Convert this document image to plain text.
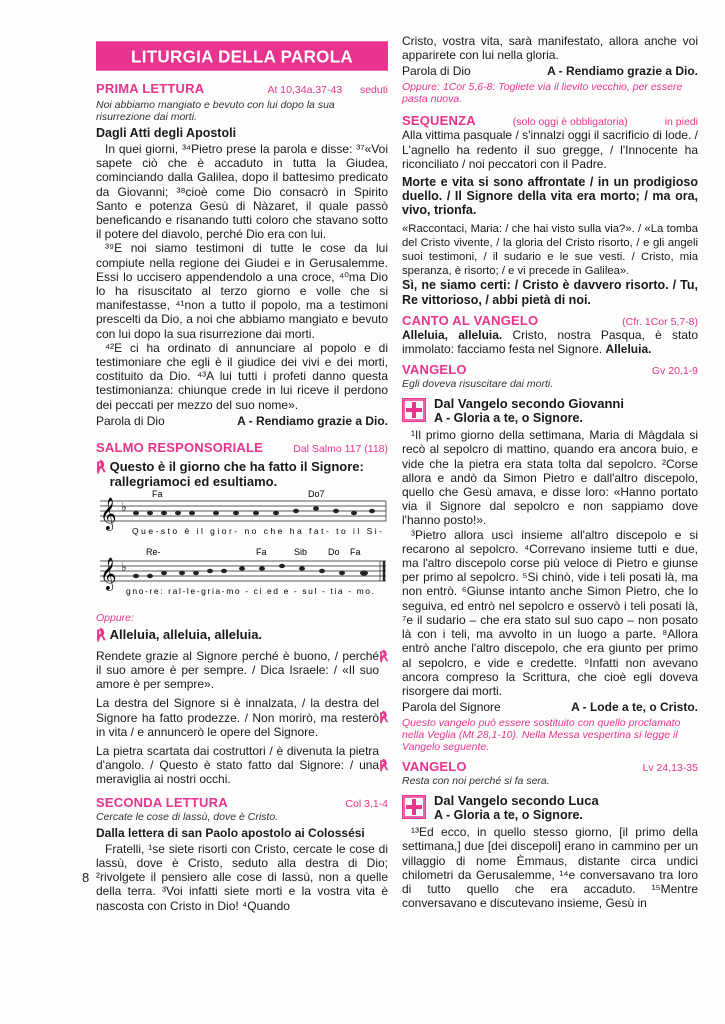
LITURGIA DELLA PAROLA
PRIMA LETTURA	At 10,34a.37-43 seduti
Noi abbiamo mangiato e bevuto con lui dopo la sua risurrezione dai morti.
Dagli Atti degli Apostoli

In quei giorni, ³⁴Pietro prese la parola e disse: ³⁷«Voi sapete ciò che è accaduto in tutta la Giudea, cominciando dalla Galilea, dopo il battesimo predicato da Giovanni; ³⁸cioè come Dio consacrò in Spirito Santo e potenza Gesù di Nàzaret, il quale passò beneficando e risanando tutti coloro che stavano sotto il potere del diavolo, perché Dio era con lui.

³⁹E noi siamo testimoni di tutte le cose da lui compiute nella regione dei Giudei e in Gerusalemme. Essi lo uccisero appendendolo a una croce, ⁴⁰ma Dio lo ha risuscitato al terzo giorno e volle che si manifestasse, ⁴¹non a tutto il popolo, ma a testimoni prescelti da Dio, a noi che abbiamo mangiato e bevuto con lui dopo la sua risurrezione dai morti.

⁴²E ci ha ordinato di annunciare al popolo e di testimoniare che egli è il giudice dei vivi e dei morti, costituito da Dio. ⁴³A lui tutti i profeti danno questa testimonianza: chiunque crede in lui riceve il perdono dei peccati per mezzo del suo nome».

Parola di Dio	A - Rendiamo grazie a Dio.
SALMO RESPONSORIALE	Dal Salmo 117 (118)
℟ Questo è il giorno che ha fatto il Signore: rallegriamoci ed esultiamo.
𝄞 ♭
Fa	Do7
Que-sto è il gior- no che ha fat- to il Si-
𝄞 ♭
Re-	Fa	Sib Do Fa
gno-re: ral-le-gria-mo - ci ed e - sul - tia - mo.
Oppure:
℟ Alleluia, alleluia, alleluia.
℟

Rendete grazie al Signore perché è buono, / perché il suo amore è per sempre. / Dica Israele: / «Il suo amore è per sempre».

℟

La destra del Signore si è innalzata, / la destra del Signore ha fatto prodezze. / Non morirò, ma resterò in vita / e annuncerò le opere del Signore.

℟

La pietra scartata dai costruttori / è divenuta la pietra d'angolo. / Questo è stato fatto dal Signore: / una meraviglia ai nostri occhi.

SECONDA LETTURA	Col 3,1-4
Cercate le cose di lassù, dove è Cristo.
Dalla lettera di san Paolo apostolo ai Colossési

Fratelli, ¹se siete risorti con Cristo, cercate le cose di lassù, dove è Cristo, seduto alla destra di Dio; ²rivolgete il pensiero alle cose di lassù, non a quelle della terra. ³Voi infatti siete morti e la vostra vita è nascosta con Cristo in Dio! ⁴Quando

8

Cristo, vostra vita, sarà manifestato, allora anche voi apparirete con lui nella gloria.

Parola di Dio	A - Rendiamo grazie a Dio.
Oppure: 1Cor 5,6-8: Togliete via il lievito vecchio, per essere pasta nuova.
SEQUENZA	(solo oggi è obbligatoria)	in piedi

Alla vittima pasquale / s'innalzi oggi il sacrificio di lode. / L'agnello ha redento il suo gregge, / l'Innocente ha riconciliato / noi peccatori con il Padre.

Morte e vita si sono affrontate / in un prodigioso duello. / Il Signore della vita era morto; / ma ora, vivo, trionfa.

«Raccontaci, Maria: / che hai visto sulla via?». / «La tomba del Cristo vivente, / la gloria del Cristo risorto, / e gli angeli suoi testimoni, / il sudario e le sue vesti. / Cristo, mia speranza, è risorto; / e vi precede in Galilea».

Sì, ne siamo certi: / Cristo è davvero risorto. / Tu, Re vittorioso, / abbi pietà di noi.

CANTO AL VANGELO	(Cfr. 1Cor 5,7-8)

Alleluia, alleluia. Cristo, nostra Pasqua, è stato immolato: facciamo festa nel Signore. Alleluia.

VANGELO	Gv 20,1-9
Egli doveva risuscitare dai morti.
Dal Vangelo secondo Giovanni
A - Gloria a te, o Signore.

¹Il primo giorno della settimana, Maria di Màgdala si recò al sepolcro di mattino, quando era ancora buio, e vide che la pietra era stata tolta dal sepolcro. ²Corse allora e andò da Simon Pietro e dall'altro discepolo, quello che Gesù amava, e disse loro: «Hanno portato via il Signore dal sepolcro e non sappiamo dove l'hanno posto!».

³Pietro allora uscì insieme all'altro discepolo e si recarono al sepolcro. ⁴Correvano insieme tutti e due, ma l'altro discepolo corse più veloce di Pietro e giunse per primo al sepolcro. ⁵Si chinò, vide i teli posati là, ma non entrò. ⁶Giunse intanto anche Simon Pietro, che lo seguiva, ed entrò nel sepolcro e osservò i teli posati là, ⁷e il sudario – che era stato sul suo capo – non posato là con i teli, ma avvolto in un luogo a parte. ⁸Allora entrò anche l'altro discepolo, che era giunto per primo al sepolcro, e vide e credette. ⁹Infatti non avevano ancora compreso la Scrittura, che cioè egli doveva risorgere dai morti.

Parola del Signore	A - Lode a te, o Cristo.
Questo vangelo può essere sostituito con quello proclamato nella Veglia (Mt 28,1-10). Nella Messa vespertina si legge il Vangelo seguente.
VANGELO	Lv 24,13-35
Resta con noi perché si fa sera.
Dal Vangelo secondo Luca
A - Gloria a te, o Signore.

¹³Ed ecco, in quello stesso giorno, [il primo della settimana,] due [dei discepoli] erano in cammino per un villaggio di nome Èmmaus, distante circa undici chilometri da Gerusalemme, ¹⁴e conversavano tra loro di tutto quello che era accaduto. ¹⁵Mentre conversavano e discutevano insieme, Gesù in
